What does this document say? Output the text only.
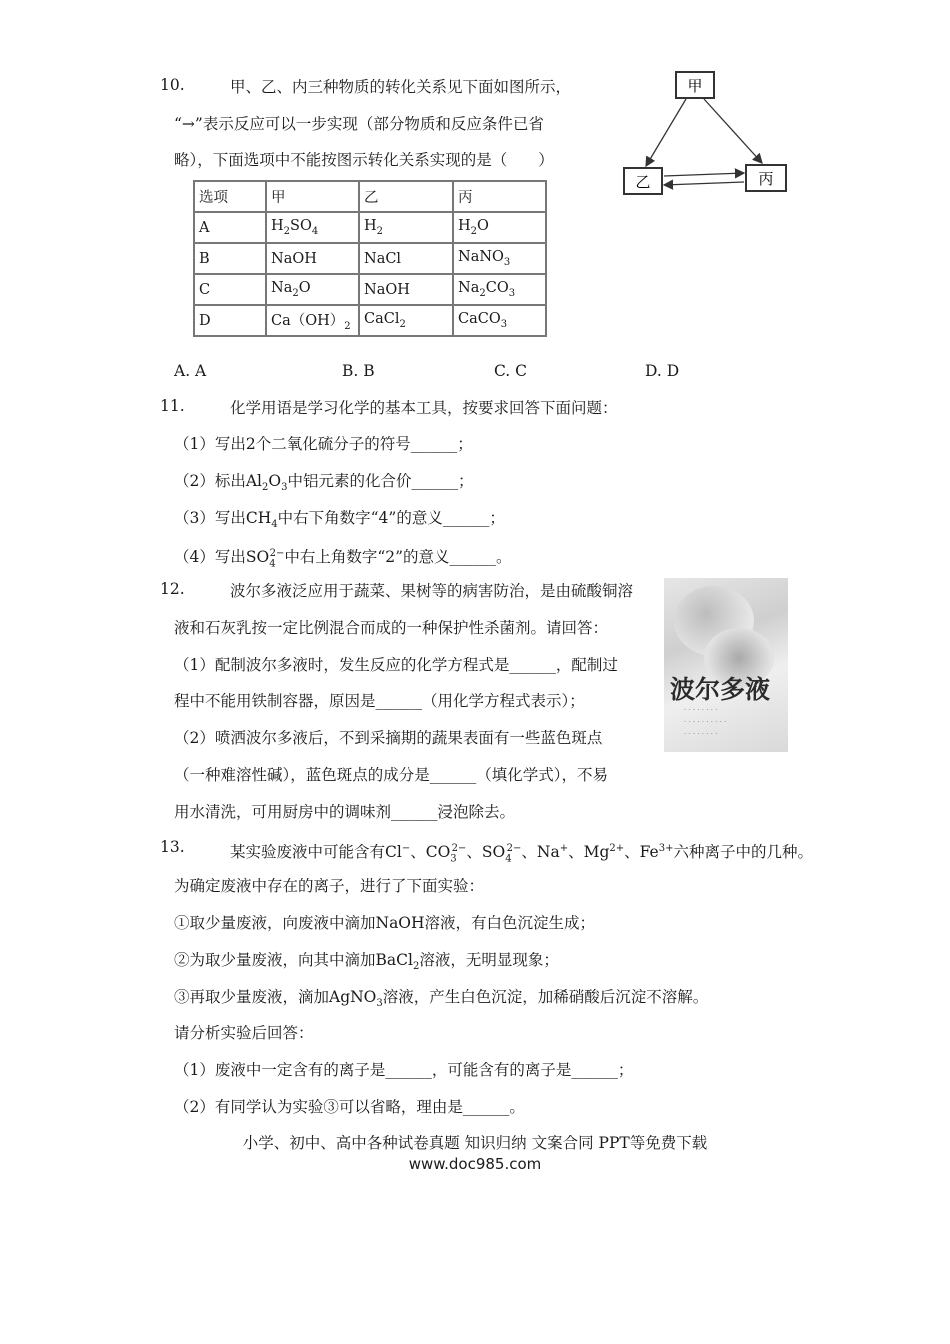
10.	甲、乙、内三种物质的转化关系见下面如图所示，
“→”表示反应可以一步实现（部分物质和反应条件已省
略），下面选项中不能按图示转化关系实现的是（　　）
甲
乙	丙
选项	甲	乙	丙
A	$H_2SO_4$	$H_2$	$H_2O$
B	NaOH	NaCl	NaNO$_3$
C	$Na_2O$	NaOH	$Na_2CO_3$
D	$Ca(OH)_2$	CaCl$_2$	CaCO$_3$
A. A	B. B	C. C	D. D
11.	化学用语是学习化学的基本工具，按要求回答下面问题：
（1）写出2个二氧化硫分子的符号______；
（2）标出$Al_2O_3$中铝元素的化合价______；
（3）写出$CH_4$中右下角数字“4”的意义______；
（4）写出$SO_4^{2-}$中右上角数字“2”的意义______。
12.	波尔多液泛应用于蔬菜、果树等的病害防治，是由硫酸铜溶
液和石灰乳按一定比例混合而成的一种保护性杀菌剂。请回答：
（1）配制波尔多液时，发生反应的化学方程式是______，配制过
程中不能用铁制容器，原因是______（用化学方程式表示）；
（2）喷洒波尔多液后，不到采摘期的蔬果表面有一些蓝色斑点
（一种难溶性碱），蓝色斑点的成分是______（填化学式），不易
用水清洗，可用厨房中的调味剂______浸泡除去。
波尔多液
· · · · · · · ·
· · · · · · · · · ·
· · · · · · · ·
13.	某实验废液中可能含有Cl−、$CO_3^{2-}$、$SO_4^{2-}$、Na+、$Mg^{2+}$、$Fe^{3+}$六种离子中的几种。
为确定废液中存在的离子，进行了下面实验：
①取少量废液，向废液中滴加NaOH溶液，有白色沉淀生成；
②为取少量废液，向其中滴加BaCl$_2$溶液，无明显现象；
③再取少量废液，滴加AgNO$_3$溶液，产生白色沉淀，加稀硝酸后沉淀不溶解。
请分析实验后回答：
（1）废液中一定含有的离子是______，可能含有的离子是______；
（2）有同学认为实验③可以省略，理由是______。
小学、初中、高中各种试卷真题 知识归纳 文案合同 PPT等免费下载
www.doc985.com
